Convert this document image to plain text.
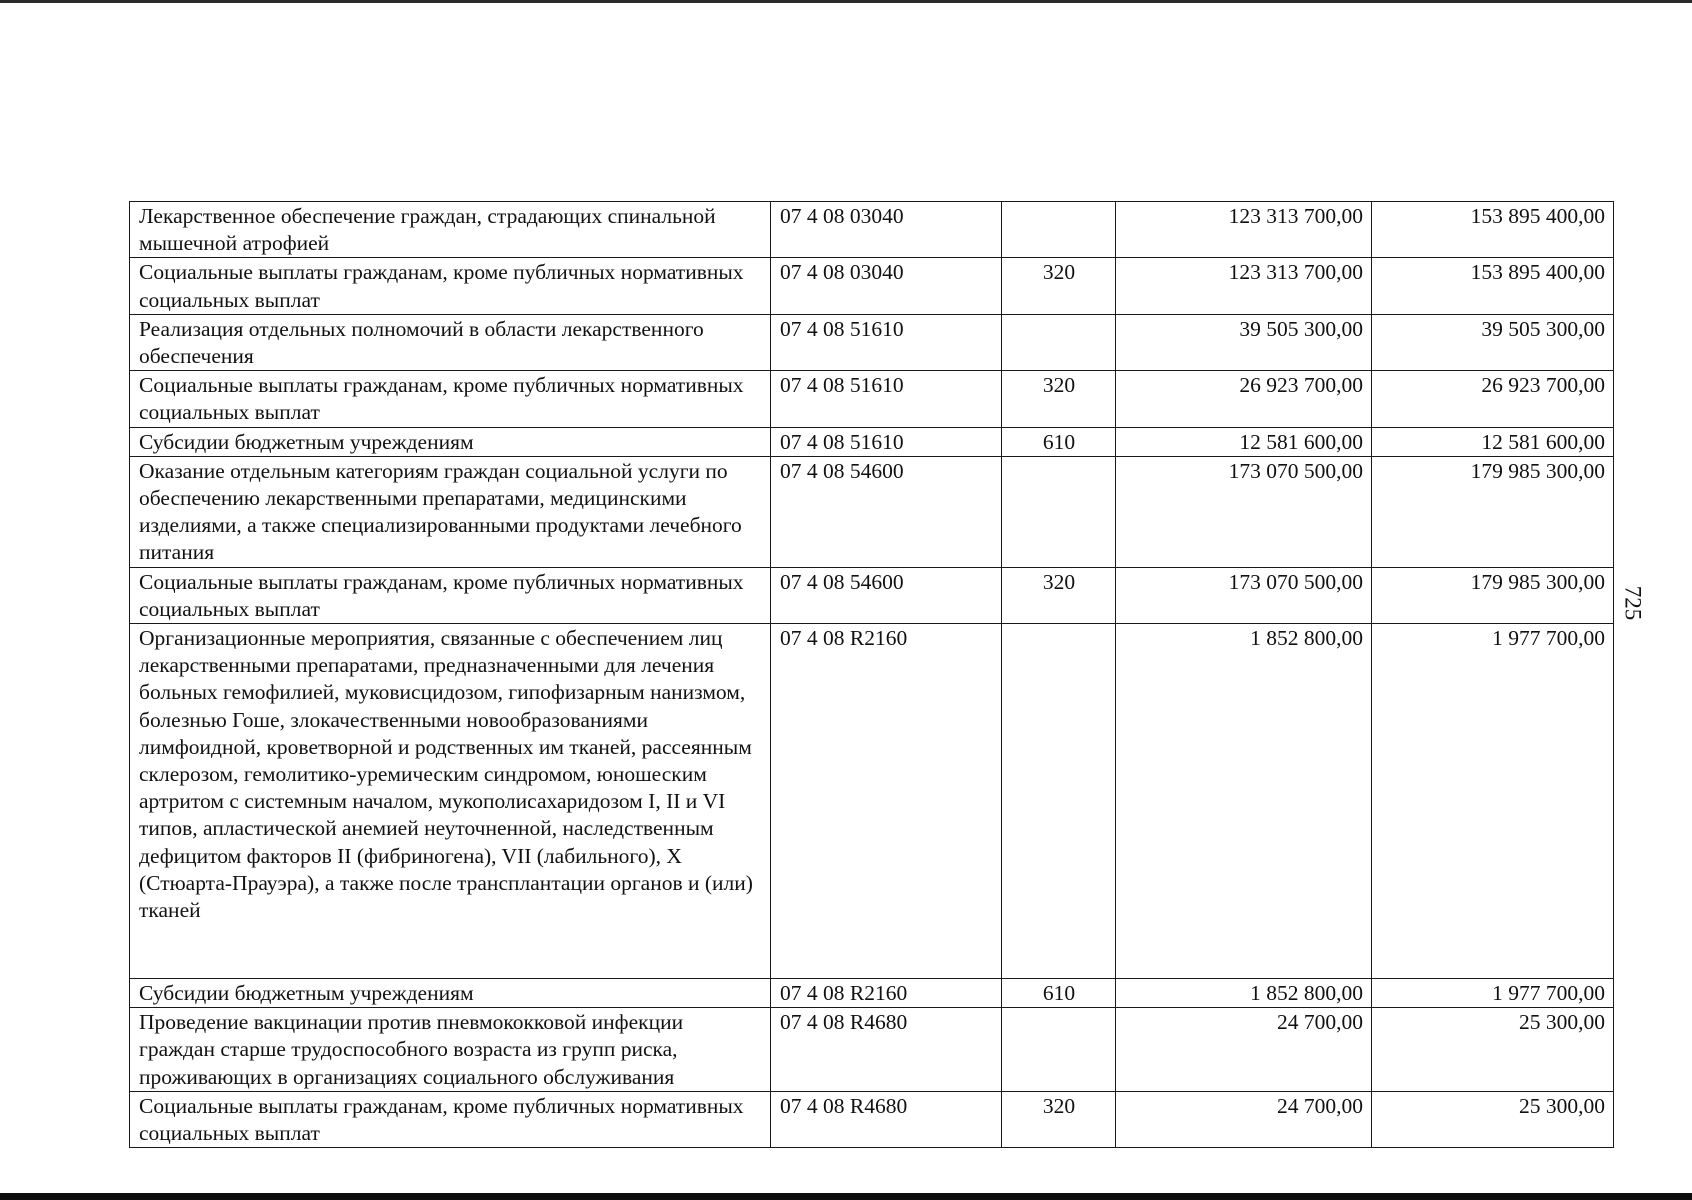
Лекарственное обеспечение граждан, страдающих спинальной мышечной атрофией	07 4 08 03040		123 313 700,00	153 895 400,00
Социальные выплаты гражданам, кроме публичных нормативных социальных выплат	07 4 08 03040	320	123 313 700,00	153 895 400,00
Реализация отдельных полномочий в области лекарственного обеспечения	07 4 08 51610		39 505 300,00	39 505 300,00
Социальные выплаты гражданам, кроме публичных нормативных социальных выплат	07 4 08 51610	320	26 923 700,00	26 923 700,00
Субсидии бюджетным учреждениям	07 4 08 51610	610	12 581 600,00	12 581 600,00
Оказание отдельным категориям граждан социальной услуги по обеспечению лекарственными препаратами, медицинскими изделиями, а также специализированными продуктами лечебного питания	07 4 08 54600		173 070 500,00	179 985 300,00
Социальные выплаты гражданам, кроме публичных нормативных социальных выплат	07 4 08 54600	320	173 070 500,00	179 985 300,00
Организационные мероприятия, связанные с обеспечением лиц лекарственными препаратами, предназначенными для лечения больных гемофилией, муковисцидозом, гипофизарным нанизмом, болезнью Гоше, злокачественными новообразованиями лимфоидной, кроветворной и родственных им тканей, рассеянным склерозом, гемолитико-уремическим синдромом, юношеским артритом с системным началом, мукополисахаридозом I, II и VI типов, апластической анемией неуточненной, наследственным дефицитом факторов II (фибриногена), VII (лабильного), X (Стюарта-Прауэра), а также после трансплантации органов и (или) тканей	07 4 08 R2160		1 852 800,00	1 977 700,00
Субсидии бюджетным учреждениям	07 4 08 R2160	610	1 852 800,00	1 977 700,00
Проведение вакцинации против пневмококковой инфекции граждан старше трудоспособного возраста из групп риска, проживающих в организациях социального обслуживания	07 4 08 R4680		24 700,00	25 300,00
Социальные выплаты гражданам, кроме публичных нормативных социальных выплат	07 4 08 R4680	320	24 700,00	25 300,00
725
